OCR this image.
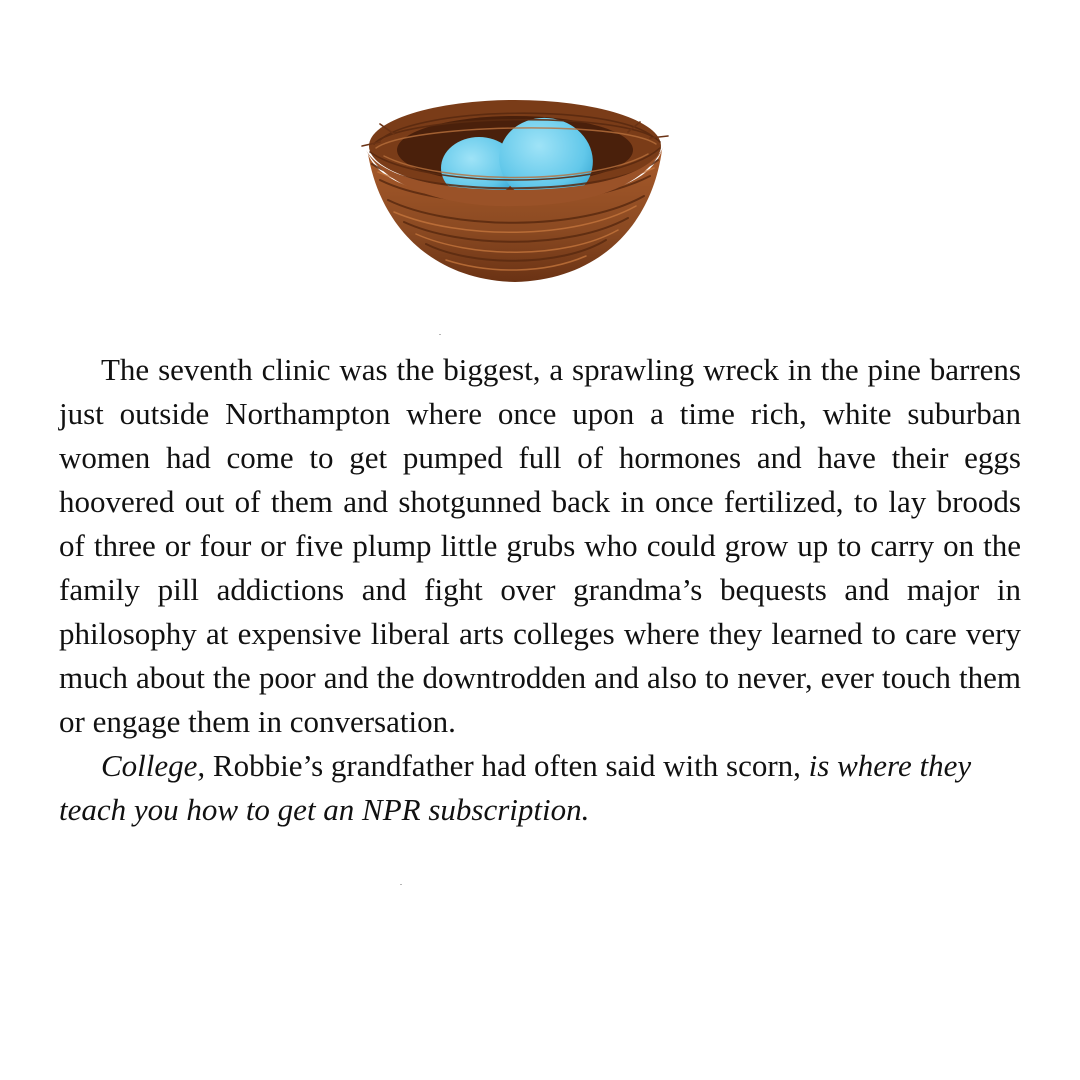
The seventh clinic was the biggest, a sprawling wreck in the pine barrens just outside Northampton where once upon a time rich, white suburban women had come to get pumped full of hormones and have their eggs hoovered out of them and shotgunned back in once fertilized, to lay broods of three or four or five plump little grubs who could grow up to carry on the family pill addictions and fight over grandma’s bequests and major in philosophy at expensive liberal arts colleges where they learned to care very much about the poor and the downtrodden and also to never, ever touch them or engage them in conversation.

College, Robbie’s grandfather had often said with scorn, is where they teach you how to get an NPR subscription.
